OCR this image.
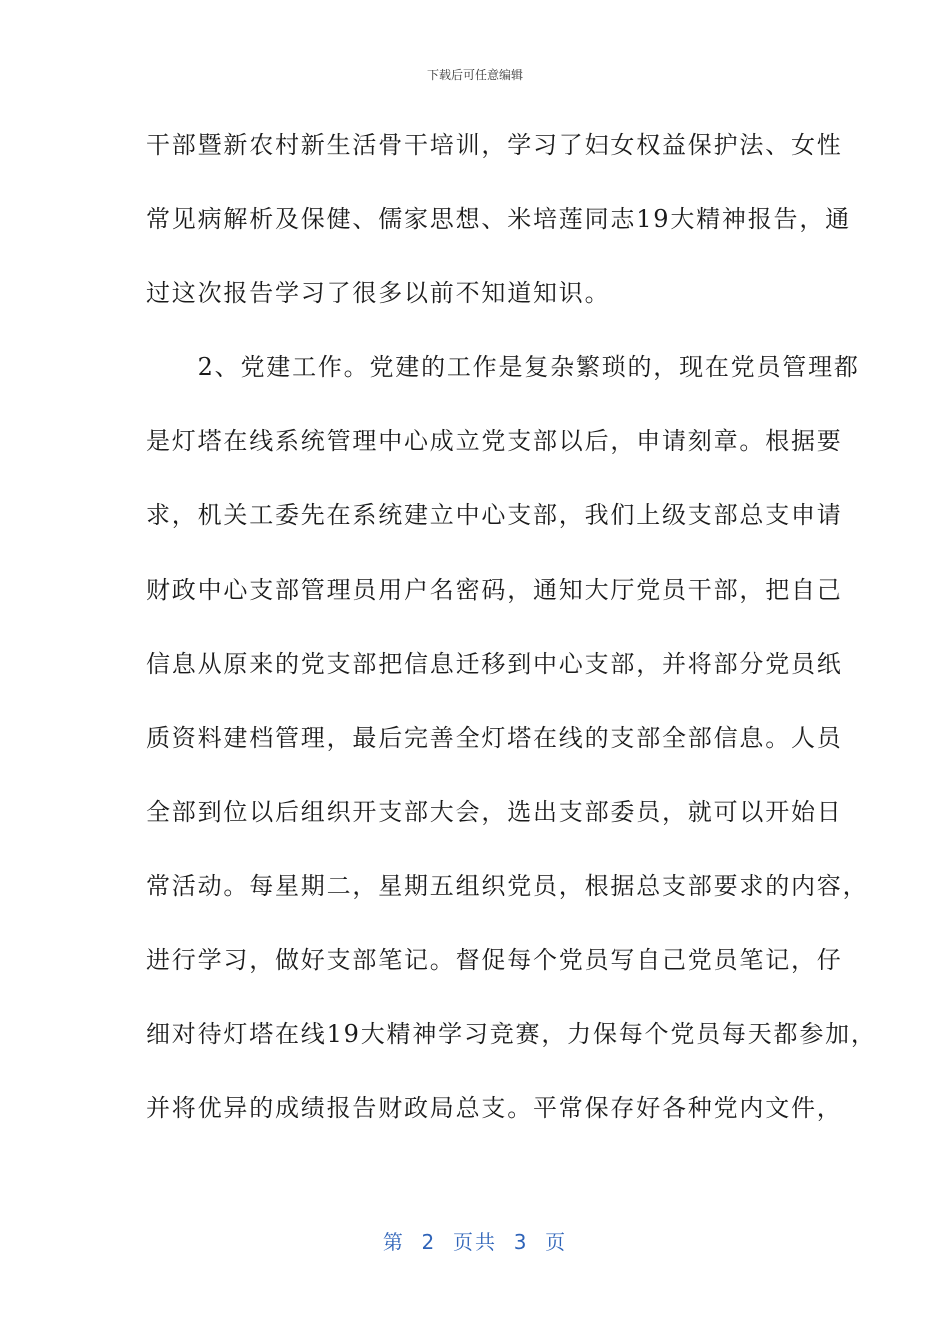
下载后可任意编辑
干部暨新农村新生活骨干培训，学习了妇女权益保护法、女性
常见病解析及保健、儒家思想、米培莲同志19大精神报告，通
过这次报告学习了很多以前不知道知识。
　　2、党建工作。党建的工作是复杂繁琐的，现在党员管理都
是灯塔在线系统管理中心成立党支部以后，申请刻章。根据要
求，机关工委先在系统建立中心支部，我们上级支部总支申请
财政中心支部管理员用户名密码，通知大厅党员干部，把自己
信息从原来的党支部把信息迁移到中心支部，并将部分党员纸
质资料建档管理，最后完善全灯塔在线的支部全部信息。人员
全部到位以后组织开支部大会，选出支部委员，就可以开始日
常活动。每星期二，星期五组织党员，根据总支部要求的内容，
进行学习，做好支部笔记。督促每个党员写自己党员笔记，仔
细对待灯塔在线19大精神学习竞赛，力保每个党员每天都参加，
并将优异的成绩报告财政局总支。平常保存好各种党内文件，
第  2  页共  3  页
